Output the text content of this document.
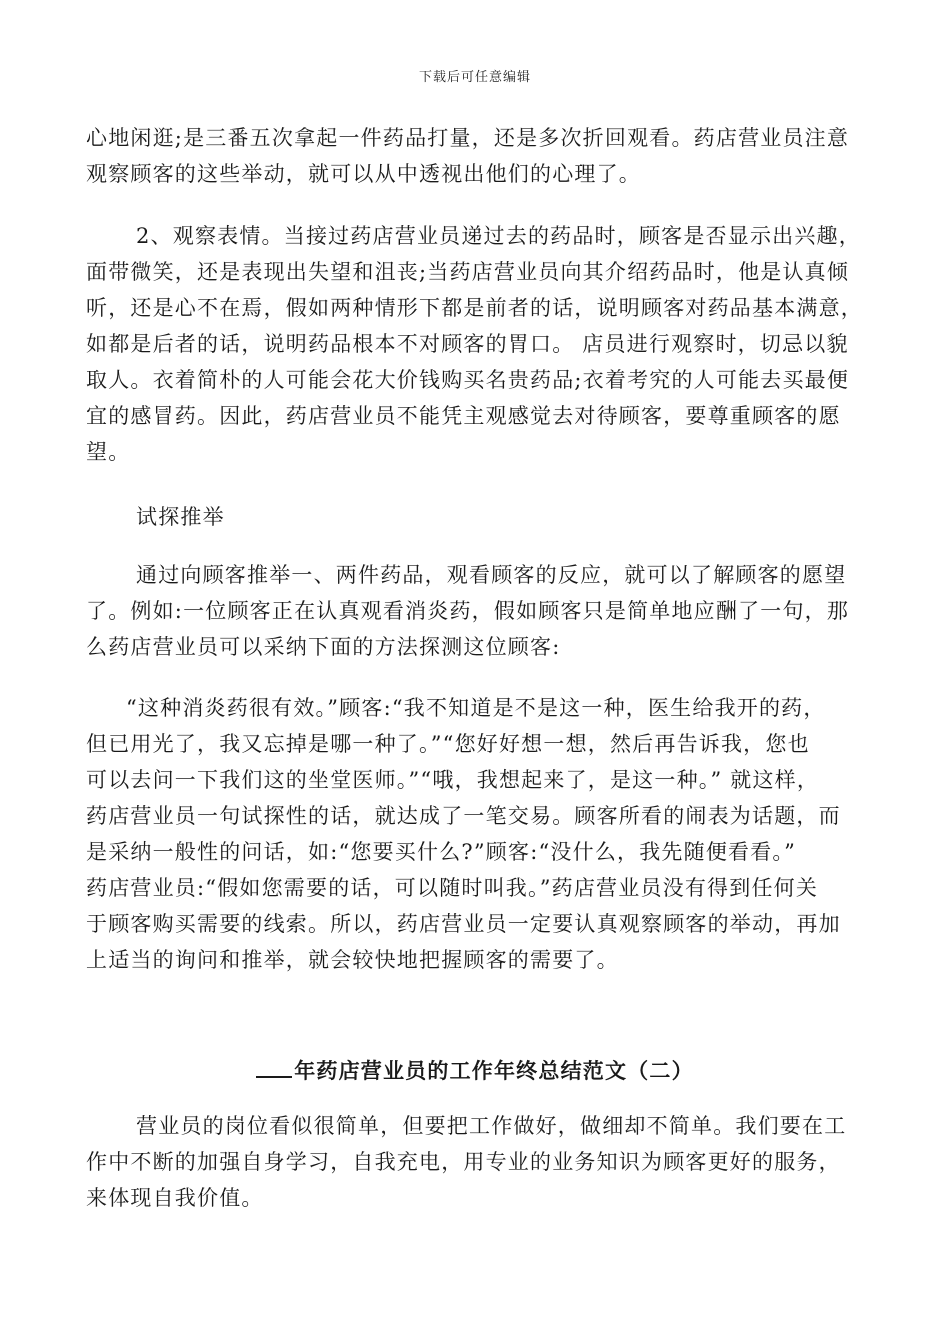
下载后可任意编辑
心地闲逛;是三番五次拿起一件药品打量，还是多次折回观看。药店营业员注意
观察顾客的这些举动，就可以从中透视出他们的心理了。
2、观察表情。当接过药店营业员递过去的药品时，顾客是否显示出兴趣，
面带微笑，还是表现出失望和沮丧;当药店营业员向其介绍药品时，他是认真倾
听，还是心不在焉，假如两种情形下都是前者的话，说明顾客对药品基本满意，
如都是后者的话，说明药品根本不对顾客的胃口。 店员进行观察时，切忌以貌
取人。衣着简朴的人可能会花大价钱购买名贵药品;衣着考究的人可能去买最便
宜的感冒药。因此，药店营业员不能凭主观感觉去对待顾客，要尊重顾客的愿
望。
试探推举
通过向顾客推举一、两件药品，观看顾客的反应，就可以了解顾客的愿望
了。例如:一位顾客正在认真观看消炎药，假如顾客只是简单地应酬了一句，那
么药店营业员可以采纳下面的方法探测这位顾客:
“这种消炎药很有效。”顾客:“我不知道是不是这一种，医生给我开的药，
但已用光了，我又忘掉是哪一种了。”“您好好想一想，然后再告诉我，您也
可以去问一下我们这的坐堂医师。”“哦，我想起来了，是这一种。” 就这样，
药店营业员一句试探性的话，就达成了一笔交易。顾客所看的闹表为话题，而
是采纳一般性的问话，如:“您要买什么?”顾客:“没什么，我先随便看看。”
药店营业员:“假如您需要的话，可以随时叫我。”药店营业员没有得到任何关
于顾客购买需要的线索。所以，药店营业员一定要认真观察顾客的举动，再加
上适当的询问和推举，就会较快地把握顾客的需要了。
年药店营业员的工作年终总结范文（二）
营业员的岗位看似很简单，但要把工作做好，做细却不简单。我们要在工
作中不断的加强自身学习，自我充电，用专业的业务知识为顾客更好的服务，
来体现自我价值。
